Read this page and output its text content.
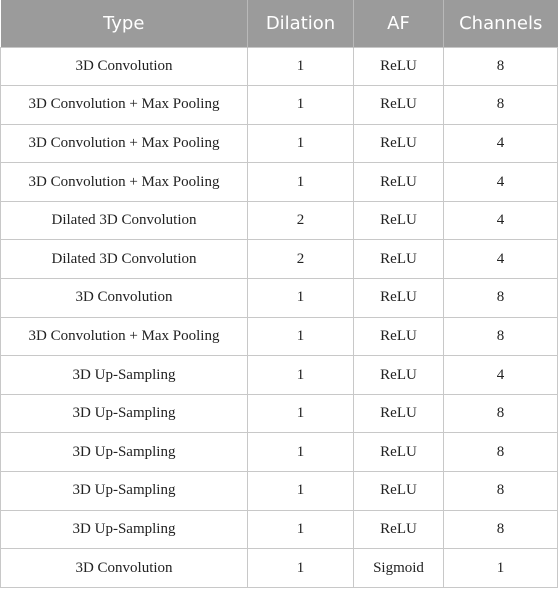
Type	Dilation	AF	Channels
3D Convolution	1	ReLU	8
3D Convolution + Max Pooling	1	ReLU	8
3D Convolution + Max Pooling	1	ReLU	4
3D Convolution + Max Pooling	1	ReLU	4
Dilated 3D Convolution	2	ReLU	4
Dilated 3D Convolution	2	ReLU	4
3D Convolution	1	ReLU	8
3D Convolution + Max Pooling	1	ReLU	8
3D Up-Sampling	1	ReLU	4
3D Up-Sampling	1	ReLU	8
3D Up-Sampling	1	ReLU	8
3D Up-Sampling	1	ReLU	8
3D Up-Sampling	1	ReLU	8
3D Convolution	1	Sigmoid	1
